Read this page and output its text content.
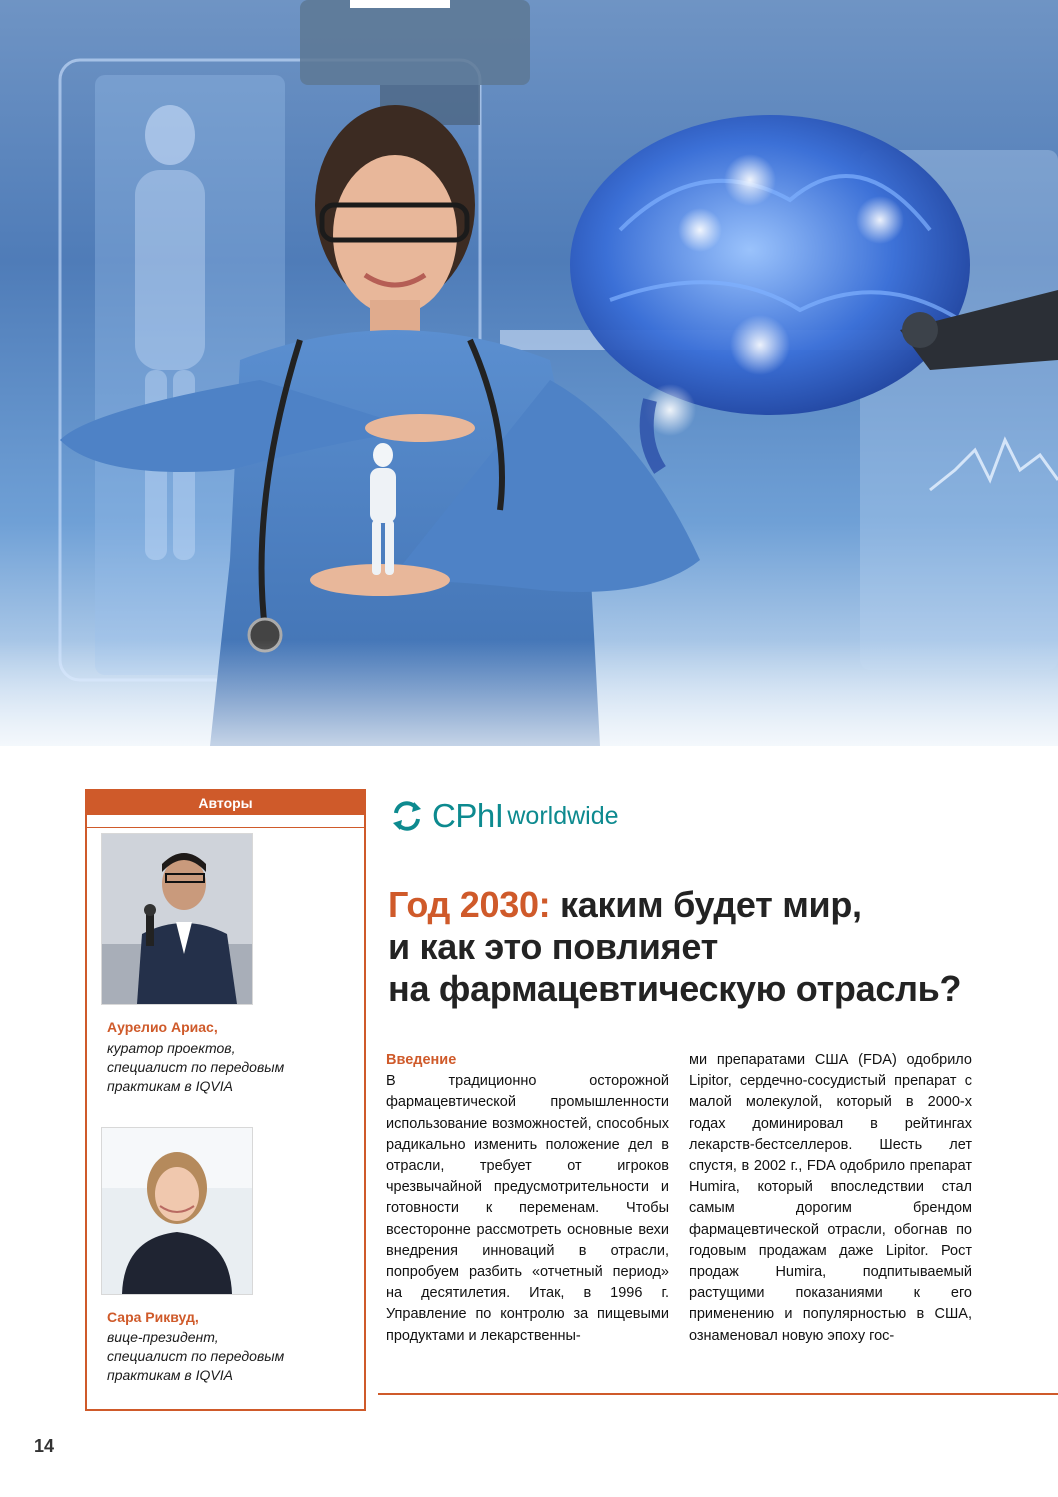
Авторы
Аурелио Ариас,
куратор проектов,
специалист по передовым
практикам в IQVIA
Сара Риквуд,
вице-президент,
специалист по передовым
практикам в IQVIA
CPhI worldwide
Год 2030: каким будет мир,
и как это повлияет
на фармацевтическую отрасль?
Введение

В традиционно осторожной фармацевтической промышленности использование возможностей, способных радикально изменить положение дел в отрасли, требует от игроков чрезвычайной предусмотрительности и готовности к переменам. Чтобы всесторонне рассмотреть основные вехи внедрения инноваций в отрасли, попробуем разбить «отчетный период» на десятилетия. Итак, в 1996 г. Управление по контролю за пищевыми продуктами и лекарственны-

ми препаратами США (FDA) одобрило Lipitor, сердечно-сосудистый препарат с малой молекулой, который в 2000-х годах доминировал в рейтингах лекарств-бестселлеров. Шесть лет спустя, в 2002 г., FDA одобрило препарат Humira, который впоследствии стал самым дорогим брендом фармацевтической отрасли, обогнав по годовым продажам даже Lipitor. Рост продаж Humira, подпитываемый растущими показаниями к его применению и популярностью в США, ознаменовал новую эпоху гос-

14
